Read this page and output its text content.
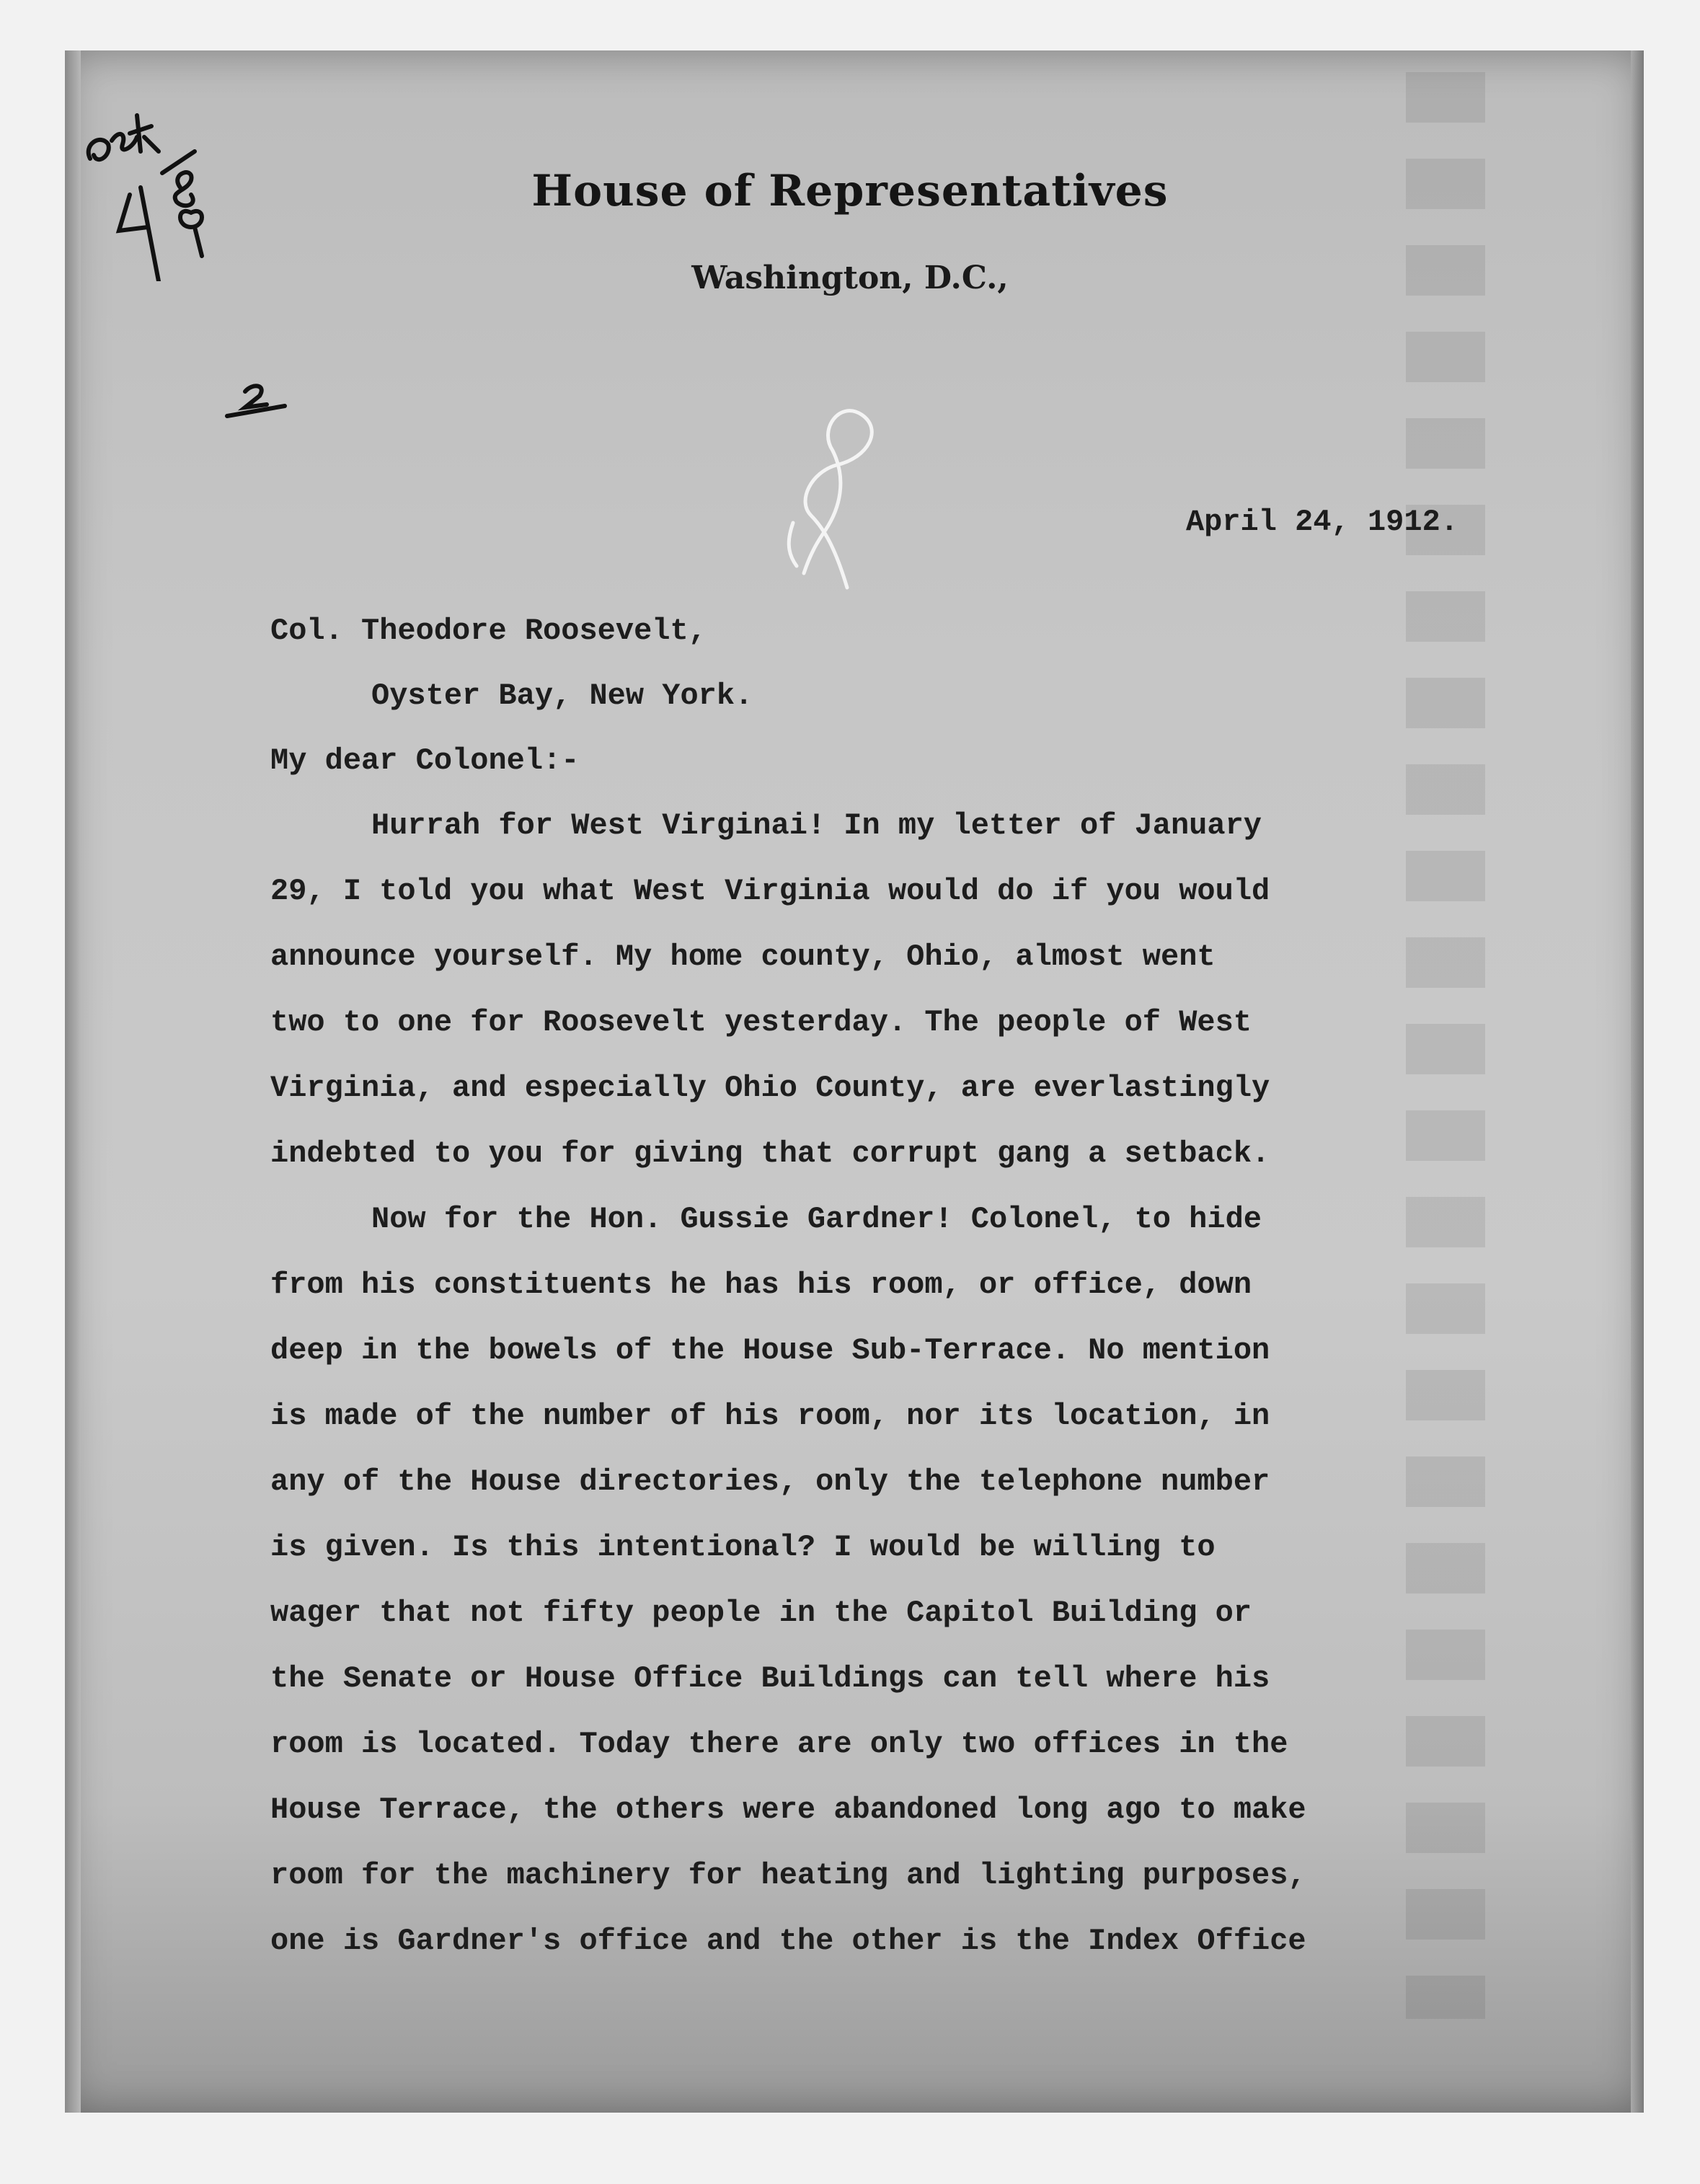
House of Representatives
Washington, D.C.,
April 24, 1912.
Col. Theodore Roosevelt,
Oyster Bay, New York.
My dear Colonel:-
Hurrah for West Virginai! In my letter of January
29, I told you what West Virginia would do if you would
announce yourself. My home county, Ohio, almost went
two to one for Roosevelt yesterday. The people of West
Virginia, and especially Ohio County, are everlastingly
indebted to you for giving that corrupt gang a setback.
Now for the Hon. Gussie Gardner! Colonel, to hide
from his constituents he has his room, or office, down
deep in the bowels of the House Sub-Terrace. No mention
is made of the number of his room, nor its location, in
any of the House directories, only the telephone number
is given. Is this intentional? I would be willing to
wager that not fifty people in the Capitol Building or
the Senate or House Office Buildings can tell where his
room is located. Today there are only two offices in the
House Terrace, the others were abandoned long ago to make
room for the machinery for heating and lighting purposes,
one is Gardner's office and the other is the Index Office
